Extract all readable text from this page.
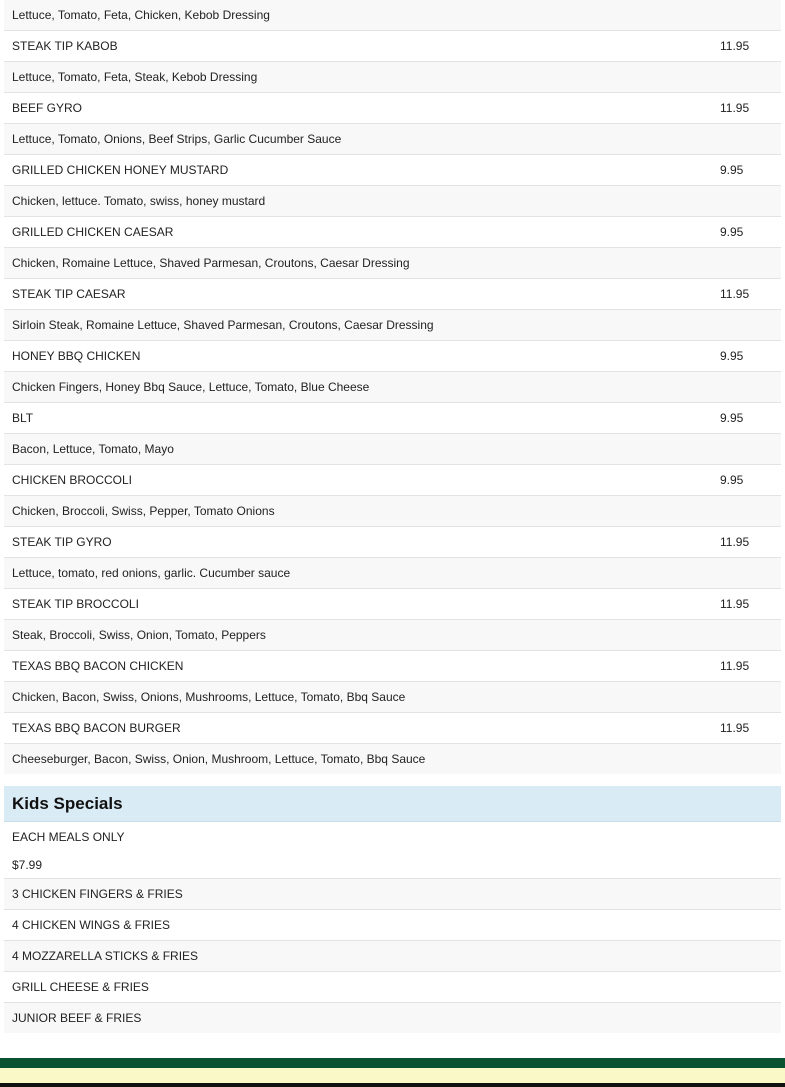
Lettuce, Tomato, Feta, Chicken, Kebob Dressing	
STEAK TIP KABOB	11.95
Lettuce, Tomato, Feta, Steak, Kebob Dressing	
BEEF GYRO	11.95
Lettuce, Tomato, Onions, Beef Strips, Garlic Cucumber Sauce	
GRILLED CHICKEN HONEY MUSTARD	9.95
Chicken, lettuce. Tomato, swiss, honey mustard	
GRILLED CHICKEN CAESAR	9.95
Chicken, Romaine Lettuce, Shaved Parmesan, Croutons, Caesar Dressing	
STEAK TIP CAESAR	11.95
Sirloin Steak, Romaine Lettuce, Shaved Parmesan, Croutons, Caesar Dressing	
HONEY BBQ CHICKEN	9.95
Chicken Fingers, Honey Bbq Sauce, Lettuce, Tomato, Blue Cheese	
BLT	9.95
Bacon, Lettuce, Tomato, Mayo	
CHICKEN BROCCOLI	9.95
Chicken, Broccoli, Swiss, Pepper, Tomato Onions	
STEAK TIP GYRO	11.95
Lettuce, tomato, red onions, garlic. Cucumber sauce	
STEAK TIP BROCCOLI	11.95
Steak, Broccoli, Swiss, Onion, Tomato, Peppers	
TEXAS BBQ BACON CHICKEN	11.95
Chicken, Bacon, Swiss, Onions, Mushrooms, Lettuce, Tomato, Bbq Sauce	
TEXAS BBQ BACON BURGER	11.95
Cheeseburger, Bacon, Swiss, Onion, Mushroom, Lettuce, Tomato, Bbq Sauce	
Kids Specials
EACH MEALS ONLY
$7.99
3 CHICKEN FINGERS & FRIES
4 CHICKEN WINGS & FRIES
4 MOZZARELLA STICKS & FRIES
GRILL CHEESE & FRIES
JUNIOR BEEF & FRIES
